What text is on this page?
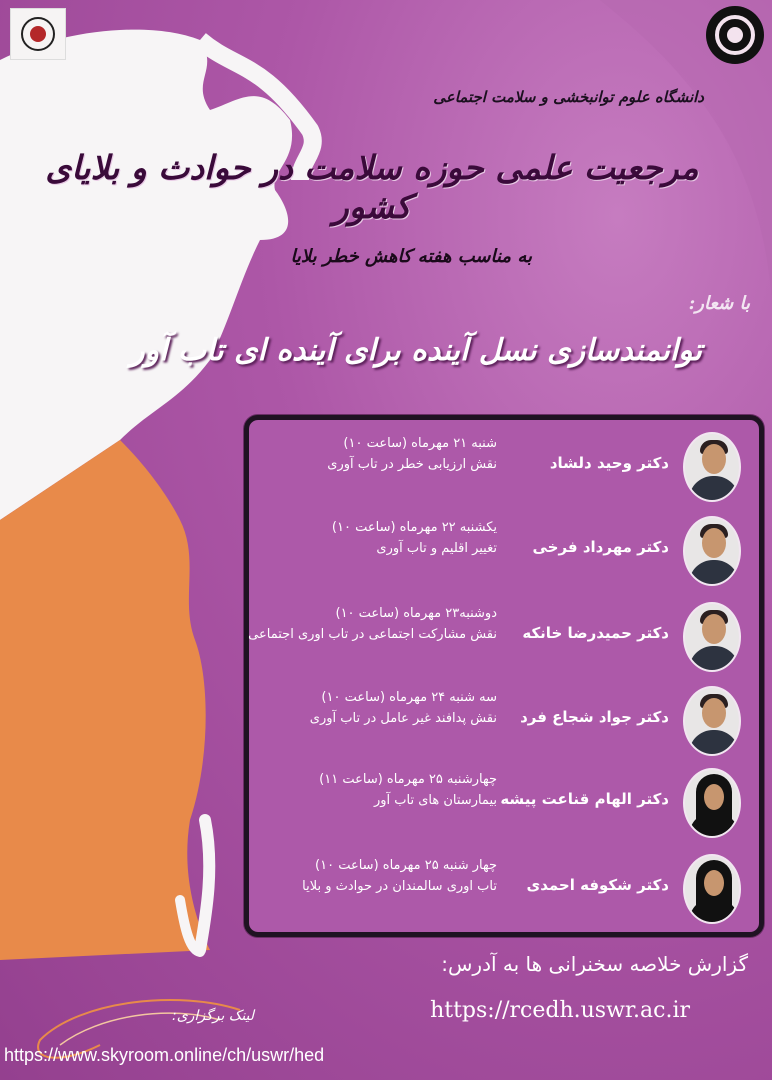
دانشگاه علوم توانبخشی و سلامت اجتماعی
مرجعیت علمی حوزه سلامت در حوادث و بلایای کشور
به مناسب هفته کاهش خطر بلایا
با شعار:
توانمندسازی نسل آینده برای آینده ای تاب آور
دکتر وحید دلشاد
شنبه ۲۱ مهرماه (ساعت ۱۰)
نقش ارزیابی خطر در تاب آوری
دکتر مهرداد فرخی
یکشنبه ۲۲ مهرماه (ساعت ۱۰)
تغییر اقلیم و تاب آوری
دکتر حمیدرضا خانکه
دوشنبه۲۳ مهرماه (ساعت ۱۰)
نقش مشارکت اجتماعی در تاب اوری اجتماعی
دکتر جواد شجاع فرد
سه شنبه ۲۴ مهرماه (ساعت ۱۰)
نقش پدافند غیر عامل در تاب آوری
دکتر الهام قناعت پیشه
چهارشنبه ۲۵ مهرماه (ساعت ۱۱)
بیمارستان های تاب آور
دکتر شکوفه احمدی
چهار شنبه ۲۵ مهرماه (ساعت ۱۰)
تاب اوری سالمندان در حوادث و بلایا
گزارش خلاصه سخنرانی ها به آدرس:
https://rcedh.uswr.ac.ir
لینک برگزاری:
https://www.skyroom.online/ch/uswr/hed
